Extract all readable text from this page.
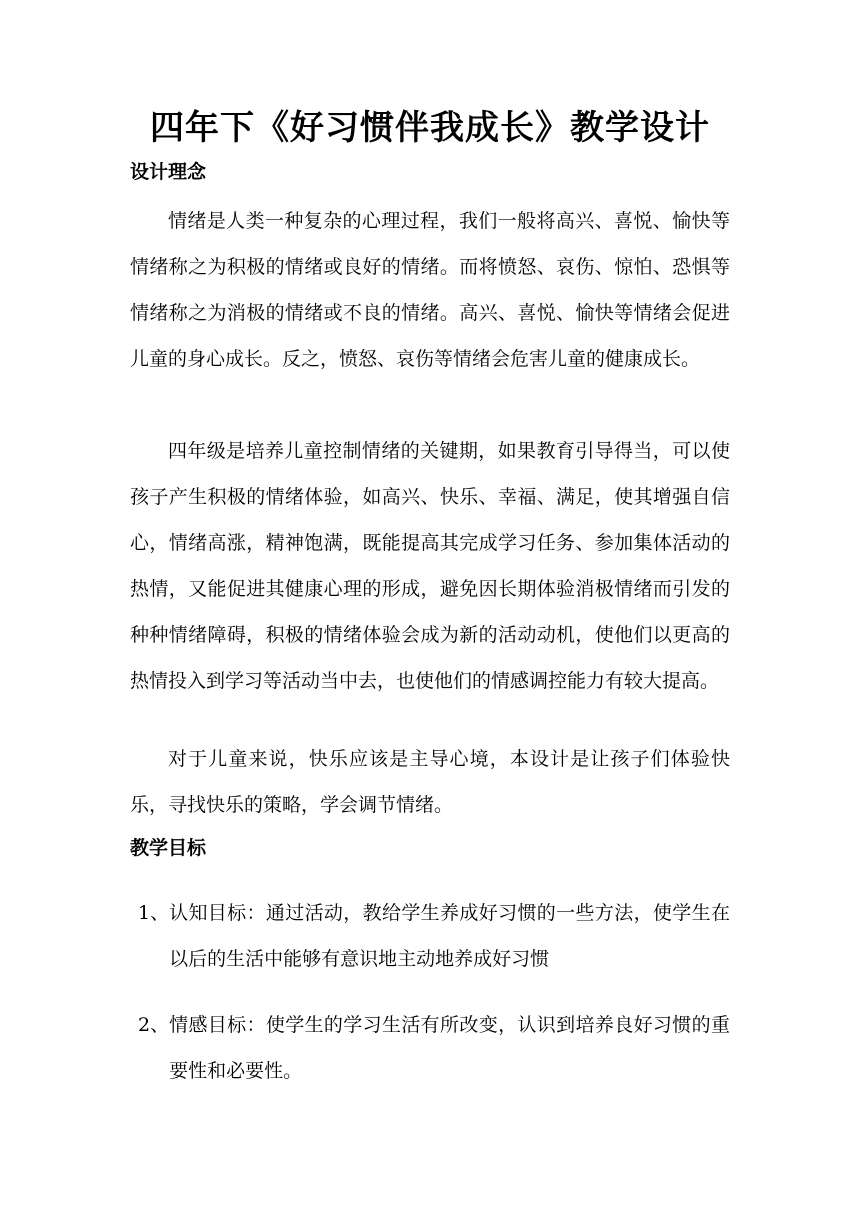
四年下《好习惯伴我成长》教学设计
设计理念

情绪是人类一种复杂的心理过程，我们一般将高兴、喜悦、愉快等情绪称之为积极的情绪或良好的情绪。而将愤怒、哀伤、惊怕、恐惧等情绪称之为消极的情绪或不良的情绪。高兴、喜悦、愉快等情绪会促进儿童的身心成长。反之，愤怒、哀伤等情绪会危害儿童的健康成长。

四年级是培养儿童控制情绪的关键期，如果教育引导得当，可以使孩子产生积极的情绪体验，如高兴、快乐、幸福、满足，使其增强自信心，情绪高涨，精神饱满，既能提高其完成学习任务、参加集体活动的热情，又能促进其健康心理的形成，避免因长期体验消极情绪而引发的种种情绪障碍，积极的情绪体验会成为新的活动动机，使他们以更高的热情投入到学习等活动当中去，也使他们的情感调控能力有较大提高。

对于儿童来说，快乐应该是主导心境，本设计是让孩子们体验快乐，寻找快乐的策略，学会调节情绪。

教学目标
1、 认知目标：通过活动，教给学生养成好习惯的一些方法，使学生在以后的生活中能够有意识地主动地养成好习惯
2、 情感目标：使学生的学习生活有所改变，认识到培养良好习惯的重要性和必要性。
